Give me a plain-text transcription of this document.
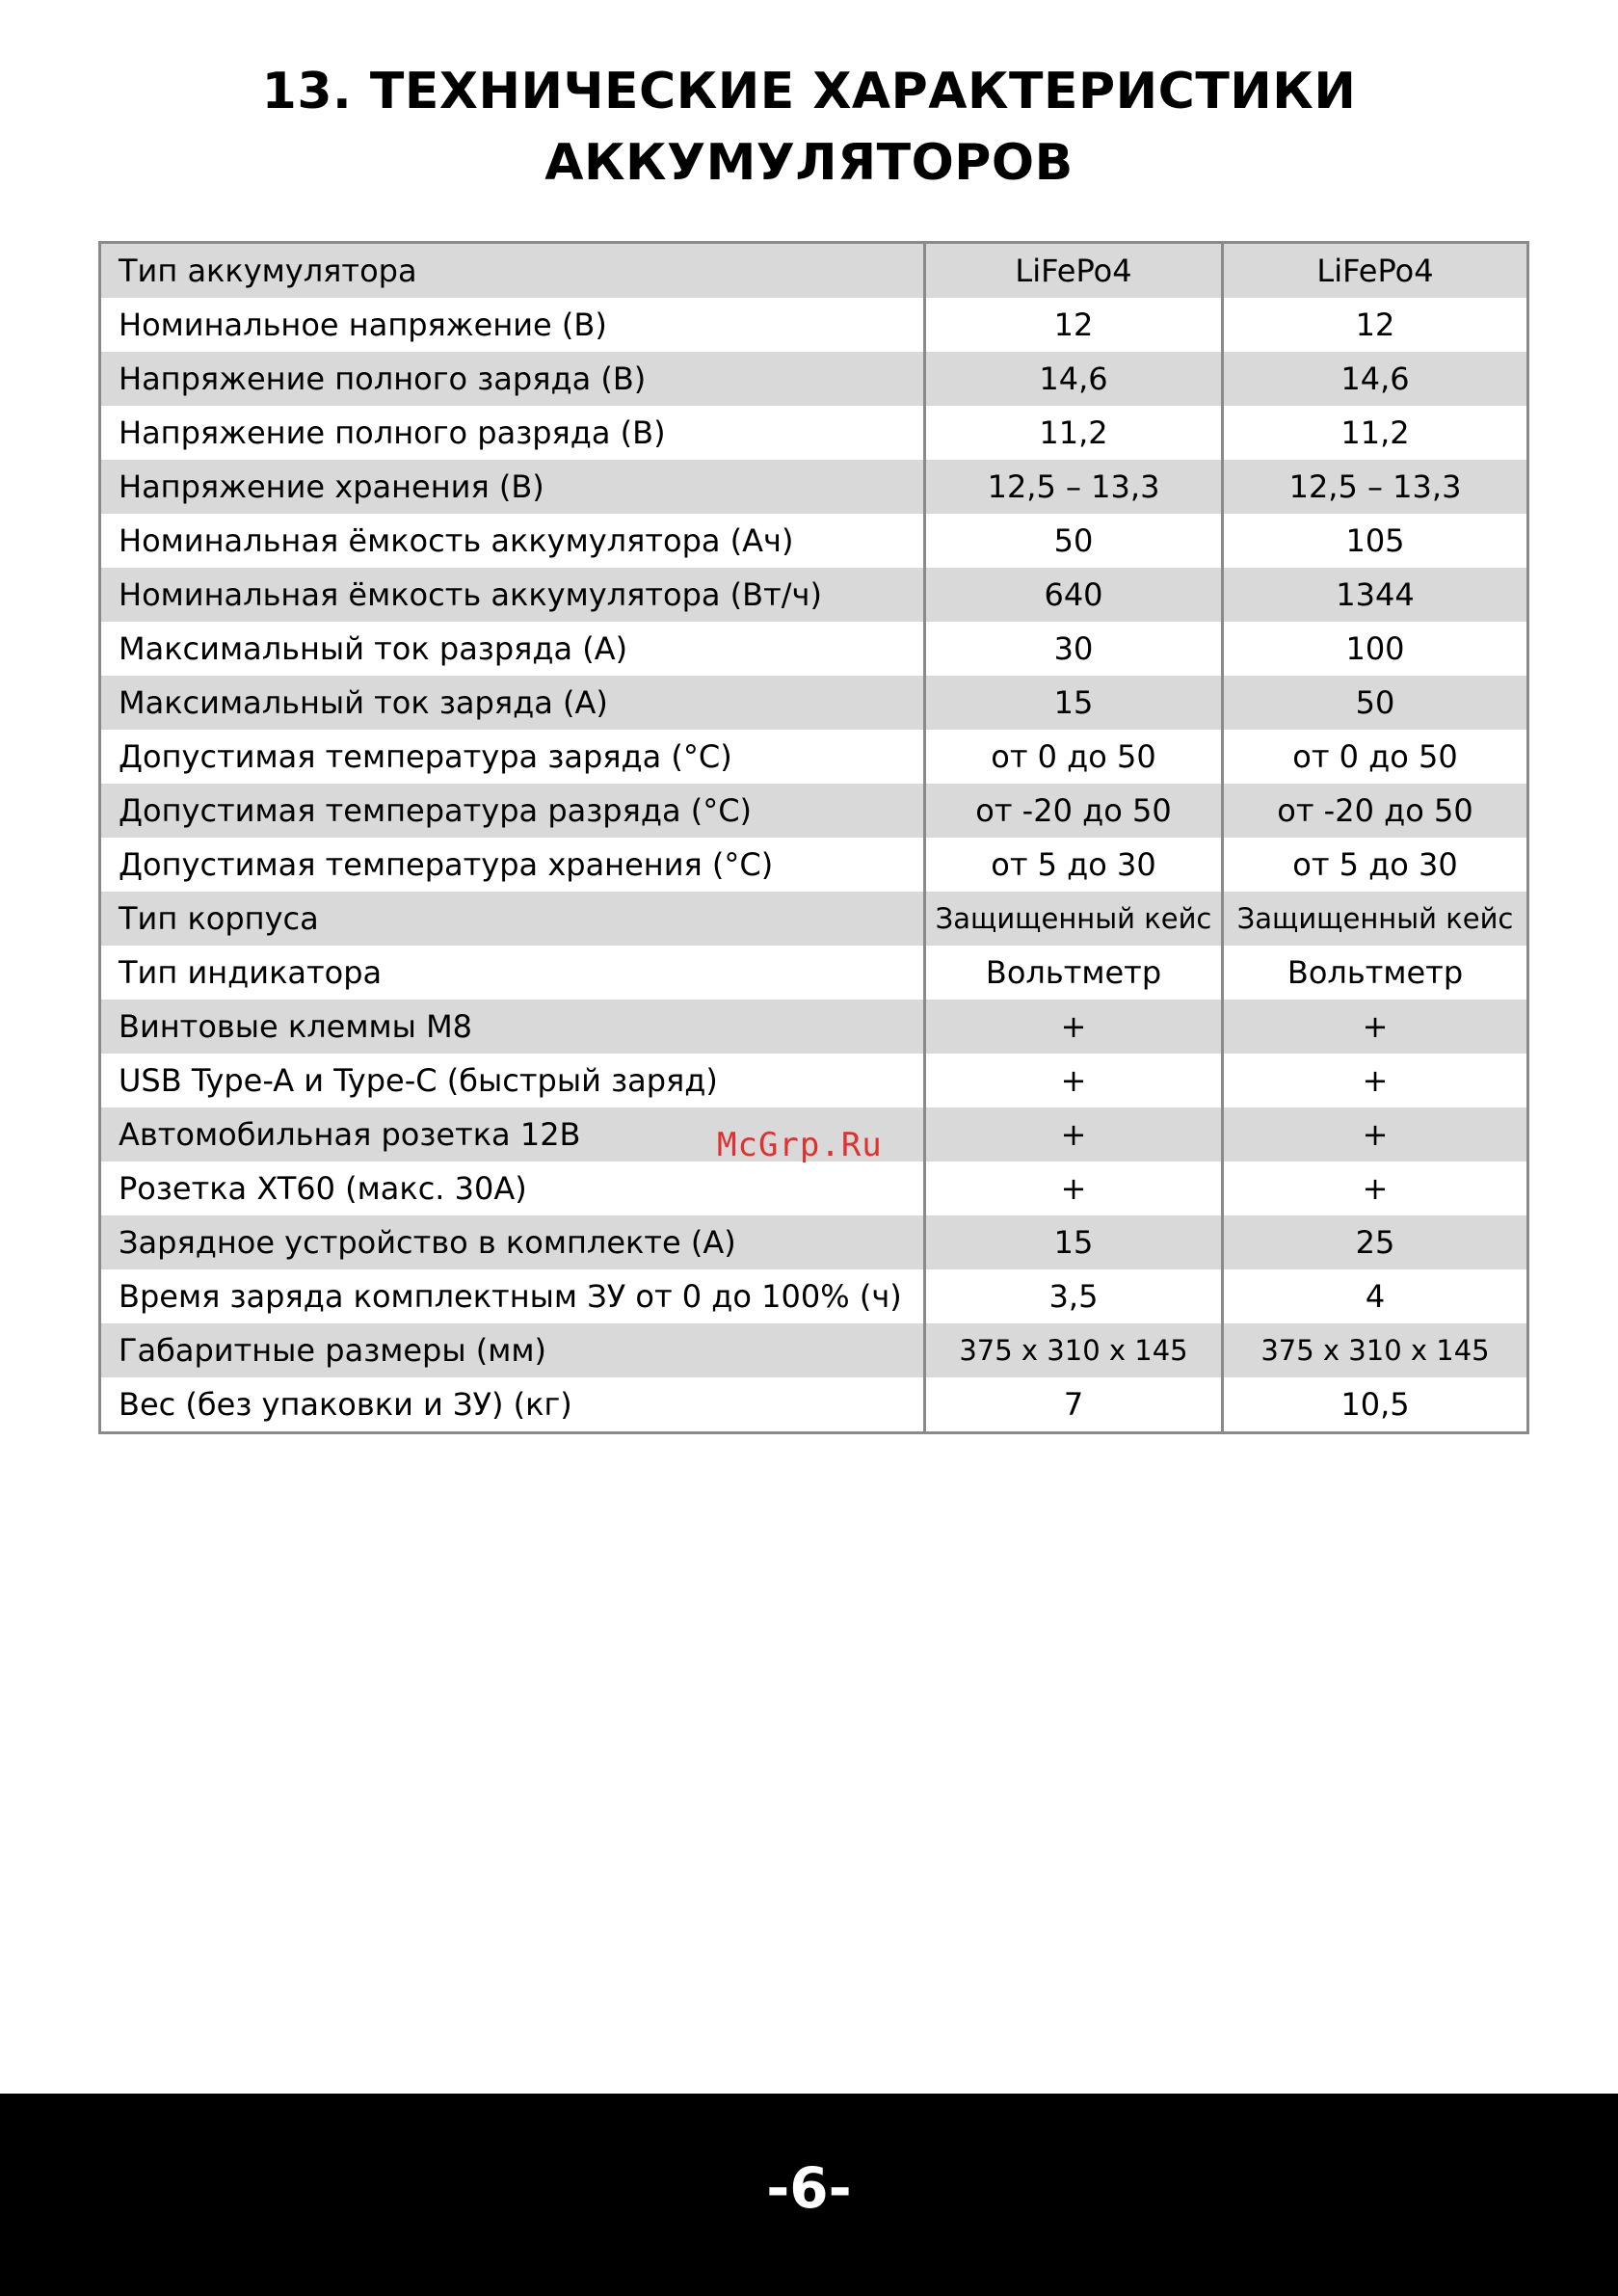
13. ТЕХНИЧЕСКИЕ ХАРАКТЕРИСТИКИ
АККУМУЛЯТОРОВ
Тип аккумулятора	LiFePo4	LiFePo4
Номинальное напряжение (В)	12	12
Напряжение полного заряда (В)	14,6	14,6
Напряжение полного разряда (В)	11,2	11,2
Напряжение хранения (В)	12,5 – 13,3	12,5 – 13,3
Номинальная ёмкость аккумулятора (Ач)	50	105
Номинальная ёмкость аккумулятора (Вт/ч)	640	1344
Максимальный ток разряда (А)	30	100
Максимальный ток заряда (А)	15	50
Допустимая температура заряда (°С)	от 0 до 50	от 0 до 50
Допустимая температура разряда (°С)	от -20 до 50	от -20 до 50
Допустимая температура хранения (°С)	от 5 до 30	от 5 до 30
Тип корпуса	Защищенный кейс	Защищенный кейс
Тип индикатора	Вольтметр	Вольтметр
Винтовые клеммы М8	+	+
USB Type-A и Type-C (быстрый заряд)	+	+
Автомобильная розетка 12В	+	+
Розетка XT60 (макс. 30А)	+	+
Зарядное устройство в комплекте (А)	15	25
Время заряда комплектным ЗУ от 0 до 100% (ч)	3,5	4
Габаритные размеры (мм)	375 x 310 x 145	375 x 310 x 145
Вес (без упаковки и ЗУ) (кг)	7	10,5
McGrp.Ru
-6-
